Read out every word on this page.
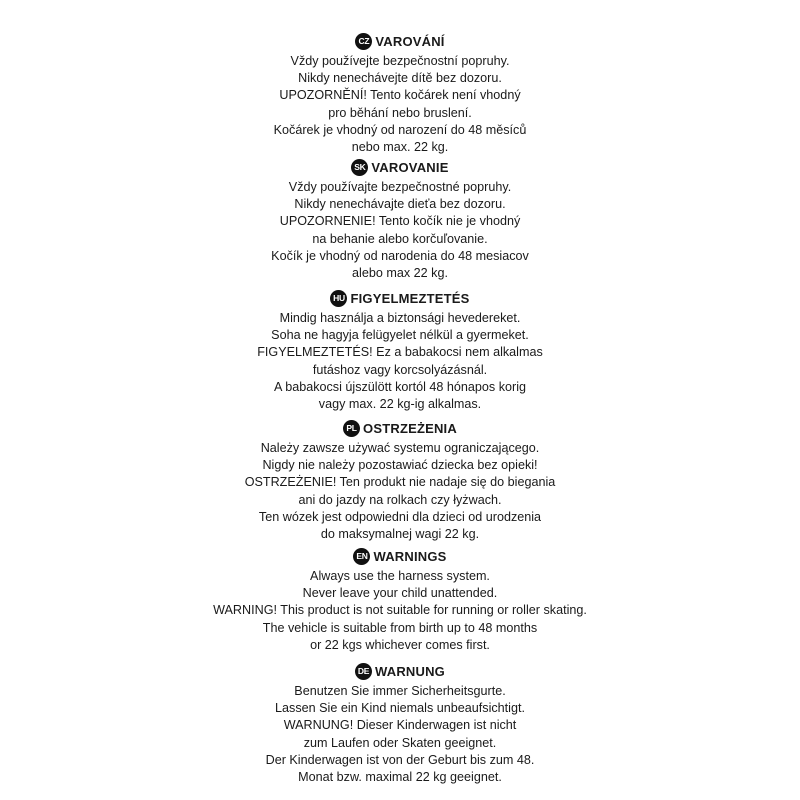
CZ VAROVÁNÍ
Vždy používejte bezpečnostní popruhy.
Nikdy nenechávejte dítě bez dozoru.
UPOZORNĚNÍ! Tento kočárek není vhodný
pro běhání nebo bruslení.
Kočárek je vhodný od narození do 48 měsíců
nebo max. 22 kg.
SK VAROVANIE
Vždy používajte bezpečnostné popruhy.
Nikdy nenechávajte dieťa bez dozoru.
UPOZORNENIE! Tento kočík nie je vhodný
na behanie alebo korčuľovanie.
Kočík je vhodný od narodenia do 48 mesiacov
alebo max 22 kg.
HU FIGYELMEZTETÉS
Mindig használja a biztonsági hevedereket.
Soha ne hagyja felügyelet nélkül a gyermeket.
FIGYELMEZTETÉS! Ez a babakocsi nem alkalmas
futáshoz vagy korcsolyázásnál.
A babakocsi újszülött kortól 48 hónapos korig
vagy max. 22 kg-ig alkalmas.
PL OSTRZEŻENIA
Należy zawsze używać systemu ograniczającego.
Nigdy nie należy pozostawiać dziecka bez opieki!
OSTRZEŻENIE! Ten produkt nie nadaje się do biegania
ani do jazdy na rolkach czy łyżwach.
Ten wózek jest odpowiedni dla dzieci od urodzenia
do maksymalnej wagi 22 kg.
EN WARNINGS
Always use the harness system.
Never leave your child unattended.
WARNING! This product is not suitable for running or roller skating.
The vehicle is suitable from birth up to 48 months
or 22 kgs whichever comes first.
DE WARNUNG
Benutzen Sie immer Sicherheitsgurte.
Lassen Sie ein Kind niemals unbeaufsichtigt.
WARNUNG! Dieser Kinderwagen ist nicht
zum Laufen oder Skaten geeignet.
Der Kinderwagen ist von der Geburt bis zum 48.
Monat bzw. maximal 22 kg geeignet.
